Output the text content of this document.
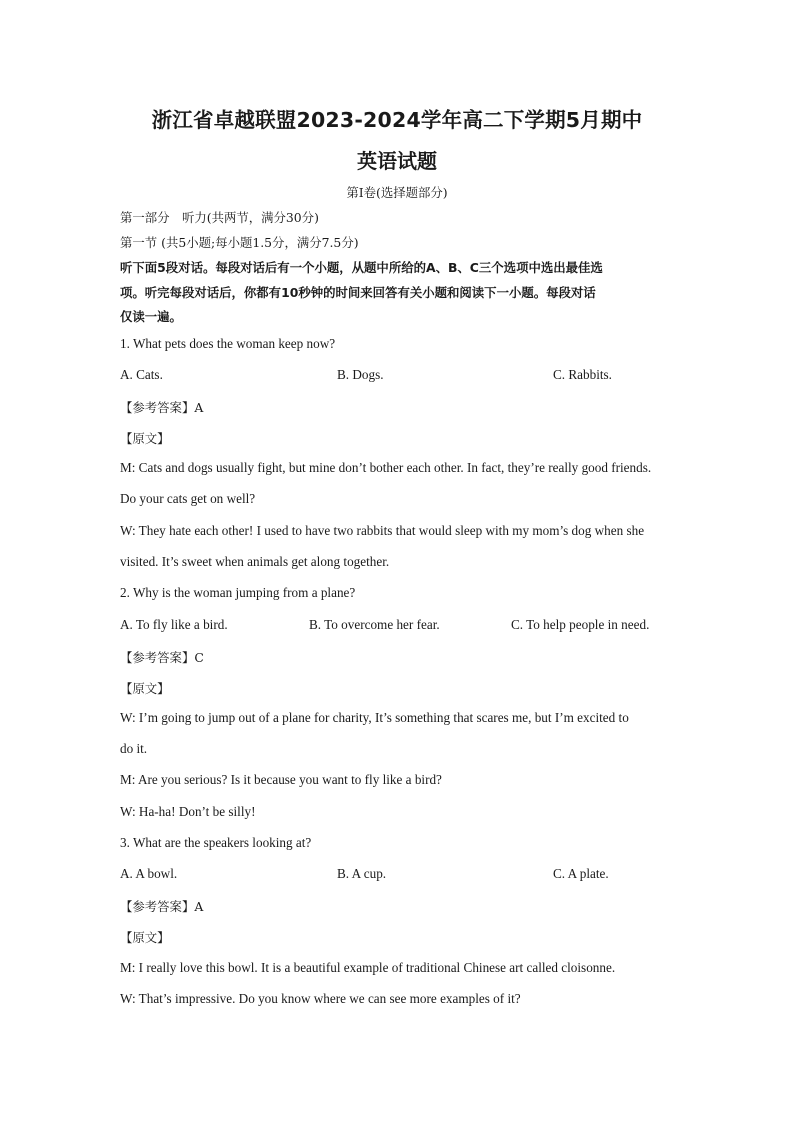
浙江省卓越联盟2023-2024学年高二下学期5月期中
英语试题
第I卷(选择题部分)
第一部分　听力(共两节，满分30分)
第一节 (共5小题;每小题1.5分，满分7.5分)
听下面5段对话。每段对话后有一个小题，从题中所给的A、B、C三个选项中选出最佳选
项。听完每段对话后，你都有10秒钟的时间来回答有关小题和阅读下一小题。每段对话
仅读一遍。
1. What pets does the woman keep now?
A. Cats.	B. Dogs.	C. Rabbits.
【参考答案】A
【原文】
M: Cats and dogs usually fight, but mine don’t bother each other. In fact, they’re really good friends.
Do your cats get on well?
W: They hate each other! I used to have two rabbits that would sleep with my mom’s dog when she
visited. It’s sweet when animals get along together.
2. Why is the woman jumping from a plane?
A. To fly like a bird.	B. To overcome her fear.	C. To help people in need.
【参考答案】C
【原文】
W: I’m going to jump out of a plane for charity, It’s something that scares me, but I’m excited to
do it.
M: Are you serious? Is it because you want to fly like a bird?
W: Ha-ha! Don’t be silly!
3. What are the speakers looking at?
A. A bowl.	B. A cup.	C. A plate.
【参考答案】A
【原文】
M: I really love this bowl. It is a beautiful example of traditional Chinese art called cloisonne.
W: That’s impressive. Do you know where we can see more examples of it?
